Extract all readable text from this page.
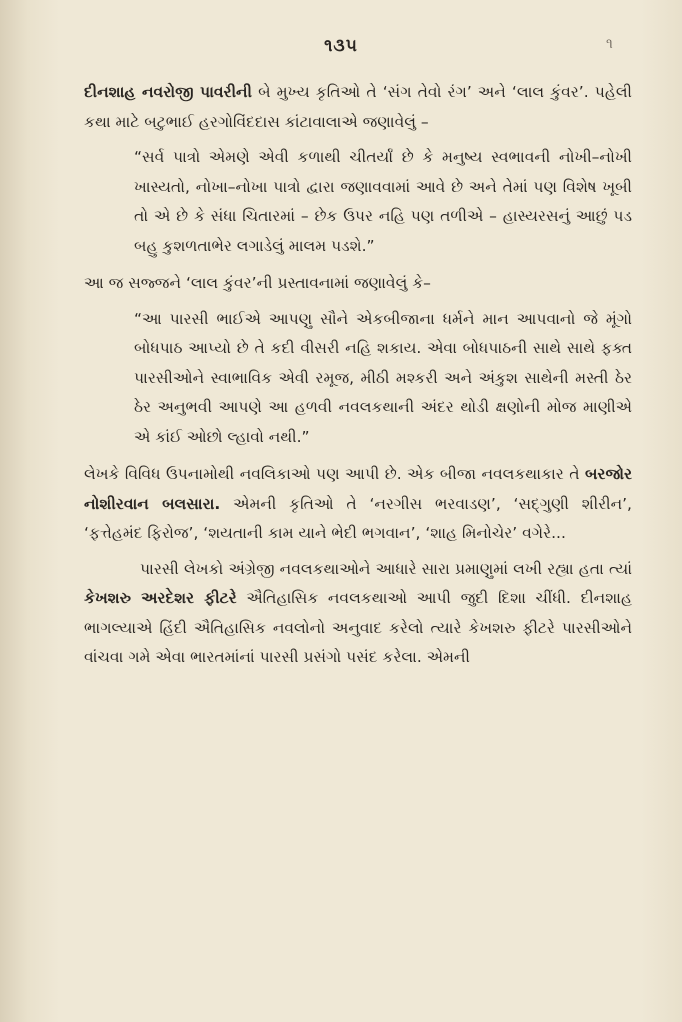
૧૩૫	૧

દીનશાહ નવરોજી પાવરીની બે મુખ્ય કૃતિઓ તે ‘સંગ તેવો રંગ’ અને ‘લાલ કુંવર’. પહેલી કથા માટે બટુભાઈ હરગોવિંદદાસ કાંટાવાલાએ જણાવેલું –

“સર્વ પાત્રો એમણે એવી કળાથી ચીતર્યાં છે કે મનુષ્ય સ્વભાવની નોખી–નોખી ખાસ્યતો, નોખા–નોખા પાત્રો દ્વારા જણાવવામાં આવે છે અને તેમાં પણ વિશેષ ખૂબી તો એ છે કે સંધા ચિતારમાં – છેક ઉપર નહિ પણ તળીએ – હાસ્યરસનું આછું પડ બહુ કુશળતાભેર લગાડેલું માલમ પડશે.”

આ જ સજ્જને ‘લાલ કુંવર’ની પ્રસ્તાવનામાં જણાવેલું કે–

“આ પારસી ભાઈએ આપણુ સૌને એકબીજાના ધર્મને માન આપવાનો જે મૂંગો બોધપાઠ આપ્યો છે તે કદી વીસરી નહિ શકાય. એવા બોધપાઠની સાથે સાથે ફક્ત પારસીઓને સ્વાભાવિક એવી રમૂજ, મીઠી મશ્કરી અને અંકુશ સાથેની મસ્તી ઠેર ઠેર અનુભવી આપણે આ હળવી નવલકથાની અંદર થોડી ક્ષણોની મોજ માણીએ એ કાંઈ ઓછો લ્હાવો નથી.”

લેખકે વિવિધ ઉપનામોથી નવલિકાઓ પણ આપી છે. એક બીજા નવલકથાકાર તે બરજોર નોશીરવાન બલસારા. એમની કૃતિઓ તે ‘નરગીસ ભરવાડણ’, ‘સદ્ગુણી શીરીન’, ‘ફત્તેહમંદ ફિરોજ’, ‘શયતાની કામ યાને ભેદી ભગવાન’, ‘શાહ મિનોચેર’ વગેરે...

પારસી લેખકો અંગ્રેજી નવલકથાઓને આધારે સારા પ્રમાણુમાં લખી રહ્યા હતા ત્યાં કેખશરુ અરદેશર ફીટરે ઐતિહાસિક નવલકથાઓ આપી જુદી દિશા ચીંધી. દીનશાહ ભાગલ્યાએ હિંદી ઐતિહાસિક નવલોનો અનુવાદ કરેલો ત્યારે કેખશરુ ફીટરે પારસીઓને વાંચવા ગમે એવા ભારતમાંનાં પારસી પ્રસંગો પસંદ કરેલા. એમની
